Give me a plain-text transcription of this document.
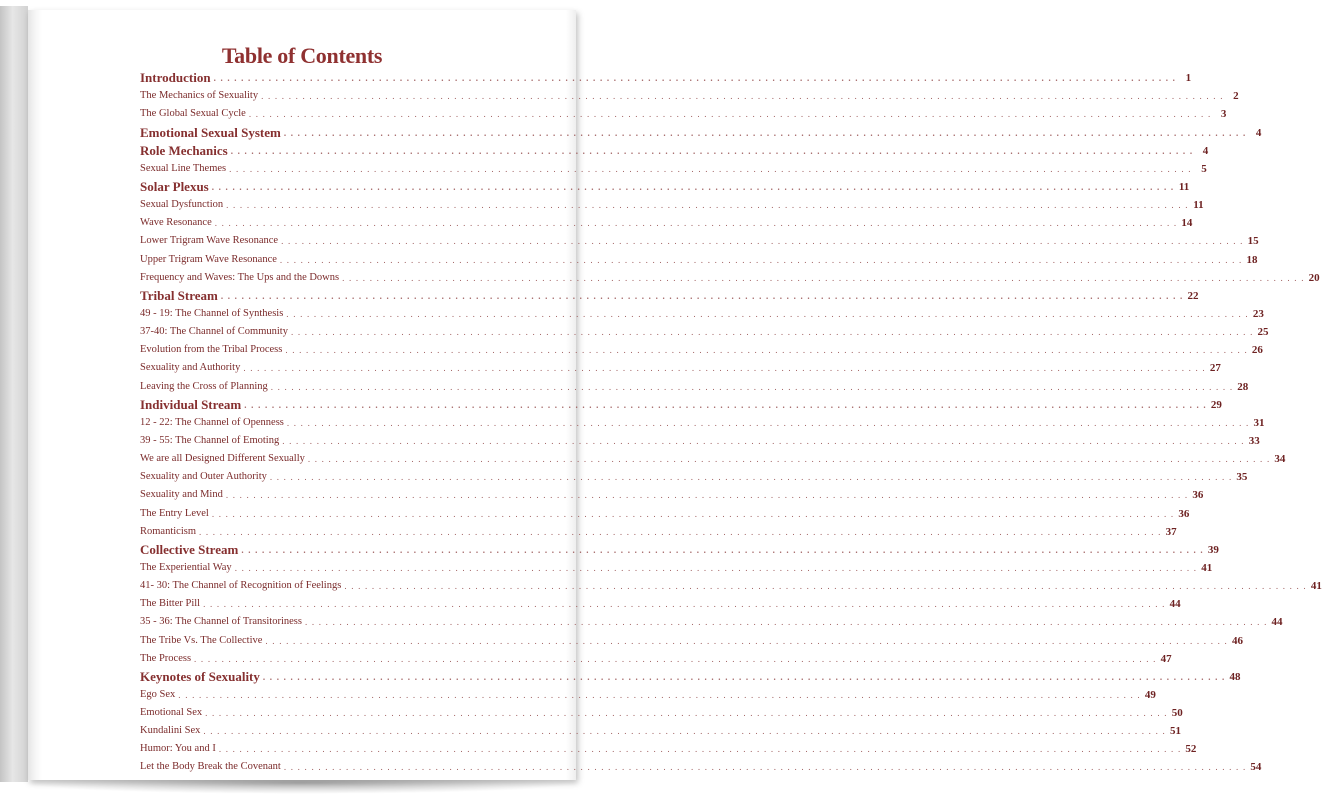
Table of Contents
Introduction . . . . . . . . . . . . . . . . . . . . . . . . . . . . . . . . . . . . . . . . . . . . . . . . . . . . . . . . . . . . . . . . . . . . . . . . . . . . . . . . . . . . . . . . . . . . . . . . . . . . . . . . . . . . . . . . . . . . . . . . . . . . . . . . . . . . . . . . . . . . 1
The Mechanics of Sexuality . . . . . . . . . . . . . . . . . . . . . . . . . . . . . . . . . . . . . . . . . . . . . . . . . . . . . . . . . . . . . . . . . . . . . . . . . . . . . . . . . . . . . . . . . . . . . . . . . . . . . . . . . . . . . . . . . . . . . . . . . . . . . . . . . . . . . . . . . . . . 2
The Global Sexual Cycle . . . . . . . . . . . . . . . . . . . . . . . . . . . . . . . . . . . . . . . . . . . . . . . . . . . . . . . . . . . . . . . . . . . . . . . . . . . . . . . . . . . . . . . . . . . . . . . . . . . . . . . . . . . . . . . . . . . . . . . . . . . . . . . . . . . . . . . . . . . . 3
Emotional Sexual System . . . . . . . . . . . . . . . . . . . . . . . . . . . . . . . . . . . . . . . . . . . . . . . . . . . . . . . . . . . . . . . . . . . . . . . . . . . . . . . . . . . . . . . . . . . . . . . . . . . . . . . . . . . . . . . . . . . . . . . . . . . . . . . . . . . . . . . . . . . . 4
Role Mechanics . . . . . . . . . . . . . . . . . . . . . . . . . . . . . . . . . . . . . . . . . . . . . . . . . . . . . . . . . . . . . . . . . . . . . . . . . . . . . . . . . . . . . . . . . . . . . . . . . . . . . . . . . . . . . . . . . . . . . . . . . . . . . . . . . . . . . . . . . . . . 4
Sexual Line Themes . . . . . . . . . . . . . . . . . . . . . . . . . . . . . . . . . . . . . . . . . . . . . . . . . . . . . . . . . . . . . . . . . . . . . . . . . . . . . . . . . . . . . . . . . . . . . . . . . . . . . . . . . . . . . . . . . . . . . . . . . . . . . . . . . . . . . . . . . . . . 5
Solar Plexus . . . . . . . . . . . . . . . . . . . . . . . . . . . . . . . . . . . . . . . . . . . . . . . . . . . . . . . . . . . . . . . . . . . . . . . . . . . . . . . . . . . . . . . . . . . . . . . . . . . . . . . . . . . . . . . . . . . . . . . . . . . . . . . . . . . . . . . . . . . . 11
Sexual Dysfunction . . . . . . . . . . . . . . . . . . . . . . . . . . . . . . . . . . . . . . . . . . . . . . . . . . . . . . . . . . . . . . . . . . . . . . . . . . . . . . . . . . . . . . . . . . . . . . . . . . . . . . . . . . . . . . . . . . . . . . . . . . . . . . . . . . . . . . . . . . . . 11
Wave Resonance . . . . . . . . . . . . . . . . . . . . . . . . . . . . . . . . . . . . . . . . . . . . . . . . . . . . . . . . . . . . . . . . . . . . . . . . . . . . . . . . . . . . . . . . . . . . . . . . . . . . . . . . . . . . . . . . . . . . . . . . . . . . . . . . . . . . . . . . . . . . 14
Lower Trigram Wave Resonance . . . . . . . . . . . . . . . . . . . . . . . . . . . . . . . . . . . . . . . . . . . . . . . . . . . . . . . . . . . . . . . . . . . . . . . . . . . . . . . . . . . . . . . . . . . . . . . . . . . . . . . . . . . . . . . . . . . . . . . . . . . . . . . . . . . . . . . . . . . . 15
Upper Trigram Wave Resonance . . . . . . . . . . . . . . . . . . . . . . . . . . . . . . . . . . . . . . . . . . . . . . . . . . . . . . . . . . . . . . . . . . . . . . . . . . . . . . . . . . . . . . . . . . . . . . . . . . . . . . . . . . . . . . . . . . . . . . . . . . . . . . . . . . . . . . . . . . . . 18
Frequency and Waves: The Ups and the Downs . . . . . . . . . . . . . . . . . . . . . . . . . . . . . . . . . . . . . . . . . . . . . . . . . . . . . . . . . . . . . . . . . . . . . . . . . . . . . . . . . . . . . . . . . . . . . . . . . . . . . . . . . . . . . . . . . . . . . . . . . . . . . . . . . . . . . . . . . . . . 20
Tribal Stream . . . . . . . . . . . . . . . . . . . . . . . . . . . . . . . . . . . . . . . . . . . . . . . . . . . . . . . . . . . . . . . . . . . . . . . . . . . . . . . . . . . . . . . . . . . . . . . . . . . . . . . . . . . . . . . . . . . . . . . . . . . . . . . . . . . . . . . . . . . . 22
49 - 19: The Channel of Synthesis . . . . . . . . . . . . . . . . . . . . . . . . . . . . . . . . . . . . . . . . . . . . . . . . . . . . . . . . . . . . . . . . . . . . . . . . . . . . . . . . . . . . . . . . . . . . . . . . . . . . . . . . . . . . . . . . . . . . . . . . . . . . . . . . . . . . . . . . . . . . 23
37-40: The Channel of Community . . . . . . . . . . . . . . . . . . . . . . . . . . . . . . . . . . . . . . . . . . . . . . . . . . . . . . . . . . . . . . . . . . . . . . . . . . . . . . . . . . . . . . . . . . . . . . . . . . . . . . . . . . . . . . . . . . . . . . . . . . . . . . . . . . . . . . . . . . . . 25
Evolution from the Tribal Process . . . . . . . . . . . . . . . . . . . . . . . . . . . . . . . . . . . . . . . . . . . . . . . . . . . . . . . . . . . . . . . . . . . . . . . . . . . . . . . . . . . . . . . . . . . . . . . . . . . . . . . . . . . . . . . . . . . . . . . . . . . . . . . . . . . . . . . . . . . . 26
Sexuality and Authority . . . . . . . . . . . . . . . . . . . . . . . . . . . . . . . . . . . . . . . . . . . . . . . . . . . . . . . . . . . . . . . . . . . . . . . . . . . . . . . . . . . . . . . . . . . . . . . . . . . . . . . . . . . . . . . . . . . . . . . . . . . . . . . . . . . . . . . . . . . . 27
Leaving the Cross of Planning . . . . . . . . . . . . . . . . . . . . . . . . . . . . . . . . . . . . . . . . . . . . . . . . . . . . . . . . . . . . . . . . . . . . . . . . . . . . . . . . . . . . . . . . . . . . . . . . . . . . . . . . . . . . . . . . . . . . . . . . . . . . . . . . . . . . . . . . . . . . 28
Individual Stream . . . . . . . . . . . . . . . . . . . . . . . . . . . . . . . . . . . . . . . . . . . . . . . . . . . . . . . . . . . . . . . . . . . . . . . . . . . . . . . . . . . . . . . . . . . . . . . . . . . . . . . . . . . . . . . . . . . . . . . . . . . . . . . . . . . . . . . . . . . . 29
12 - 22: The Channel of Openness . . . . . . . . . . . . . . . . . . . . . . . . . . . . . . . . . . . . . . . . . . . . . . . . . . . . . . . . . . . . . . . . . . . . . . . . . . . . . . . . . . . . . . . . . . . . . . . . . . . . . . . . . . . . . . . . . . . . . . . . . . . . . . . . . . . . . . . . . . . . 31
39 - 55: The Channel of Emoting . . . . . . . . . . . . . . . . . . . . . . . . . . . . . . . . . . . . . . . . . . . . . . . . . . . . . . . . . . . . . . . . . . . . . . . . . . . . . . . . . . . . . . . . . . . . . . . . . . . . . . . . . . . . . . . . . . . . . . . . . . . . . . . . . . . . . . . . . . . . 33
We are all Designed Different Sexually . . . . . . . . . . . . . . . . . . . . . . . . . . . . . . . . . . . . . . . . . . . . . . . . . . . . . . . . . . . . . . . . . . . . . . . . . . . . . . . . . . . . . . . . . . . . . . . . . . . . . . . . . . . . . . . . . . . . . . . . . . . . . . . . . . . . . . . . . . . . 34
Sexuality and Outer Authority . . . . . . . . . . . . . . . . . . . . . . . . . . . . . . . . . . . . . . . . . . . . . . . . . . . . . . . . . . . . . . . . . . . . . . . . . . . . . . . . . . . . . . . . . . . . . . . . . . . . . . . . . . . . . . . . . . . . . . . . . . . . . . . . . . . . . . . . . . . . 35
Sexuality and Mind . . . . . . . . . . . . . . . . . . . . . . . . . . . . . . . . . . . . . . . . . . . . . . . . . . . . . . . . . . . . . . . . . . . . . . . . . . . . . . . . . . . . . . . . . . . . . . . . . . . . . . . . . . . . . . . . . . . . . . . . . . . . . . . . . . . . . . . . . . . . 36
The Entry Level . . . . . . . . . . . . . . . . . . . . . . . . . . . . . . . . . . . . . . . . . . . . . . . . . . . . . . . . . . . . . . . . . . . . . . . . . . . . . . . . . . . . . . . . . . . . . . . . . . . . . . . . . . . . . . . . . . . . . . . . . . . . . . . . . . . . . . . . . . . . 36
Romanticism . . . . . . . . . . . . . . . . . . . . . . . . . . . . . . . . . . . . . . . . . . . . . . . . . . . . . . . . . . . . . . . . . . . . . . . . . . . . . . . . . . . . . . . . . . . . . . . . . . . . . . . . . . . . . . . . . . . . . . . . . . . . . . . . . . . . . . . . . . . . 37
Collective Stream . . . . . . . . . . . . . . . . . . . . . . . . . . . . . . . . . . . . . . . . . . . . . . . . . . . . . . . . . . . . . . . . . . . . . . . . . . . . . . . . . . . . . . . . . . . . . . . . . . . . . . . . . . . . . . . . . . . . . . . . . . . . . . . . . . . . . . . . . . . . 39
The Experiential Way . . . . . . . . . . . . . . . . . . . . . . . . . . . . . . . . . . . . . . . . . . . . . . . . . . . . . . . . . . . . . . . . . . . . . . . . . . . . . . . . . . . . . . . . . . . . . . . . . . . . . . . . . . . . . . . . . . . . . . . . . . . . . . . . . . . . . . . . . . . . 41
41- 30: The Channel of Recognition of Feelings . . . . . . . . . . . . . . . . . . . . . . . . . . . . . . . . . . . . . . . . . . . . . . . . . . . . . . . . . . . . . . . . . . . . . . . . . . . . . . . . . . . . . . . . . . . . . . . . . . . . . . . . . . . . . . . . . . . . . . . . . . . . . . . . . . . . . . . . . . . . 41
The Bitter Pill . . . . . . . . . . . . . . . . . . . . . . . . . . . . . . . . . . . . . . . . . . . . . . . . . . . . . . . . . . . . . . . . . . . . . . . . . . . . . . . . . . . . . . . . . . . . . . . . . . . . . . . . . . . . . . . . . . . . . . . . . . . . . . . . . . . . . . . . . . . . 44
35 - 36: The Channel of Transitoriness . . . . . . . . . . . . . . . . . . . . . . . . . . . . . . . . . . . . . . . . . . . . . . . . . . . . . . . . . . . . . . . . . . . . . . . . . . . . . . . . . . . . . . . . . . . . . . . . . . . . . . . . . . . . . . . . . . . . . . . . . . . . . . . . . . . . . . . . . . . . 44
The Tribe Vs. The Collective . . . . . . . . . . . . . . . . . . . . . . . . . . . . . . . . . . . . . . . . . . . . . . . . . . . . . . . . . . . . . . . . . . . . . . . . . . . . . . . . . . . . . . . . . . . . . . . . . . . . . . . . . . . . . . . . . . . . . . . . . . . . . . . . . . . . . . . . . . . . 46
The Process . . . . . . . . . . . . . . . . . . . . . . . . . . . . . . . . . . . . . . . . . . . . . . . . . . . . . . . . . . . . . . . . . . . . . . . . . . . . . . . . . . . . . . . . . . . . . . . . . . . . . . . . . . . . . . . . . . . . . . . . . . . . . . . . . . . . . . . . . . . . 47
Keynotes of Sexuality . . . . . . . . . . . . . . . . . . . . . . . . . . . . . . . . . . . . . . . . . . . . . . . . . . . . . . . . . . . . . . . . . . . . . . . . . . . . . . . . . . . . . . . . . . . . . . . . . . . . . . . . . . . . . . . . . . . . . . . . . . . . . . . . . . . . . . . . . . . . 48
Ego Sex . . . . . . . . . . . . . . . . . . . . . . . . . . . . . . . . . . . . . . . . . . . . . . . . . . . . . . . . . . . . . . . . . . . . . . . . . . . . . . . . . . . . . . . . . . . . . . . . . . . . . . . . . . . . . . . . . . . . . . . . . . . . . . . . . . . . . . . . . . . . 49
Emotional Sex . . . . . . . . . . . . . . . . . . . . . . . . . . . . . . . . . . . . . . . . . . . . . . . . . . . . . . . . . . . . . . . . . . . . . . . . . . . . . . . . . . . . . . . . . . . . . . . . . . . . . . . . . . . . . . . . . . . . . . . . . . . . . . . . . . . . . . . . . . . . 50
Kundalini Sex . . . . . . . . . . . . . . . . . . . . . . . . . . . . . . . . . . . . . . . . . . . . . . . . . . . . . . . . . . . . . . . . . . . . . . . . . . . . . . . . . . . . . . . . . . . . . . . . . . . . . . . . . . . . . . . . . . . . . . . . . . . . . . . . . . . . . . . . . . . . 51
Humor: You and I . . . . . . . . . . . . . . . . . . . . . . . . . . . . . . . . . . . . . . . . . . . . . . . . . . . . . . . . . . . . . . . . . . . . . . . . . . . . . . . . . . . . . . . . . . . . . . . . . . . . . . . . . . . . . . . . . . . . . . . . . . . . . . . . . . . . . . . . . . . . 52
Let the Body Break the Covenant . . . . . . . . . . . . . . . . . . . . . . . . . . . . . . . . . . . . . . . . . . . . . . . . . . . . . . . . . . . . . . . . . . . . . . . . . . . . . . . . . . . . . . . . . . . . . . . . . . . . . . . . . . . . . . . . . . . . . . . . . . . . . . . . . . . . . . . . . . . . 54
